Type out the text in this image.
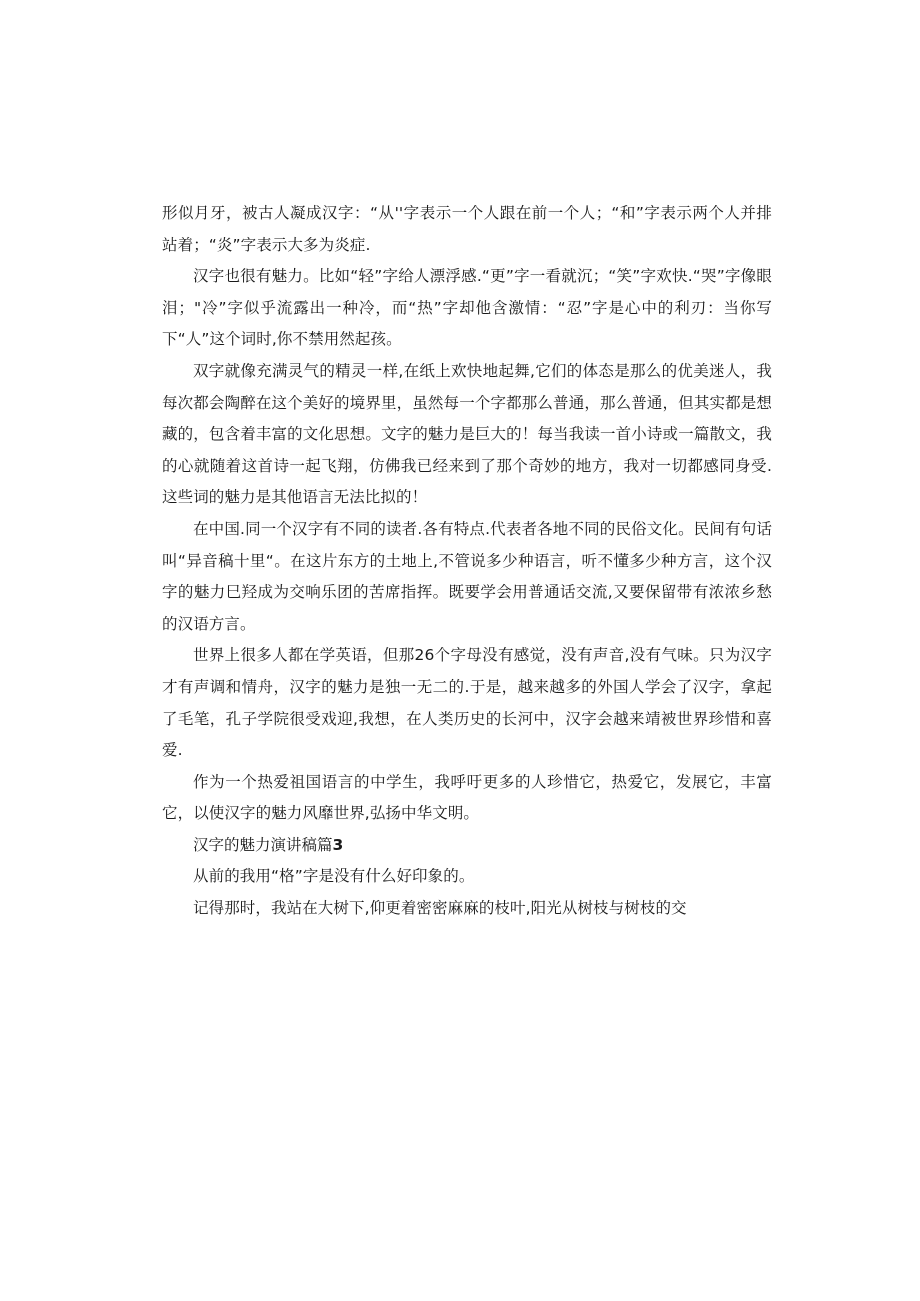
形似月牙，被古人凝成汉字：“从''字表示一个人跟在前一个人；“和”字表示两个人并排站着；“炎”字表示大多为炎症.

汉字也很有魅力。比如“轻”字给人漂浮感.“更”字一看就沉；“笑”字欢快.“哭”字像眼泪；"冷”字似乎流露出一种冷，而“热”字却他含激情：“忍”字是心中的利刃：当你写下“人”这个词时,你不禁用然起孩。

双字就像充满灵气的精灵一样,在纸上欢快地起舞,它们的体态是那么的优美迷人，我每次都会陶醉在这个美好的境界里，虽然每一个字都那么普通，那么普通，但其实都是想藏的，包含着丰富的文化思想。文字的魅力是巨大的！每当我读一首小诗或一篇散文，我的心就随着这首诗一起飞翔，仿佛我已经来到了那个奇妙的地方，我对一切都感同身受.这些词的魅力是其他语言无法比拟的！

在中国.同一个汉字有不同的读者.各有特点.代表者各地不同的民俗文化。民间有句话叫“异音稿十里“。在这片东方的土地上,不管说多少种语言，听不懂多少种方言，这个汉字的魅力巳羟成为交响乐团的苦席指挥。既要学会用普通话交流,又要保留带有浓浓乡愁的汉语方言。

世界上很多人都在学英语，但那26个字母没有感觉，没有声音,没有气味。只为汉字才有声调和情舟，汉字的魅力是独一无二的.于是，越来越多的外国人学会了汉字，拿起了毛笔，孔子学院很受戏迎,我想，在人类历史的长河中，汉字会越来靖被世界珍惜和喜爱.

作为一个热爱祖国语言的中学生，我呼吁更多的人珍惜它，热爱它，发展它，丰富它，以使汉字的魅力风靡世界,弘扬中华文明。

汉字的魅力演讲稿篇3

从前的我用“格”字是没有什么好印象的。

记得那时，我站在大树下,仰更着密密麻麻的枝叶,阳光从树枝与树枝的交
